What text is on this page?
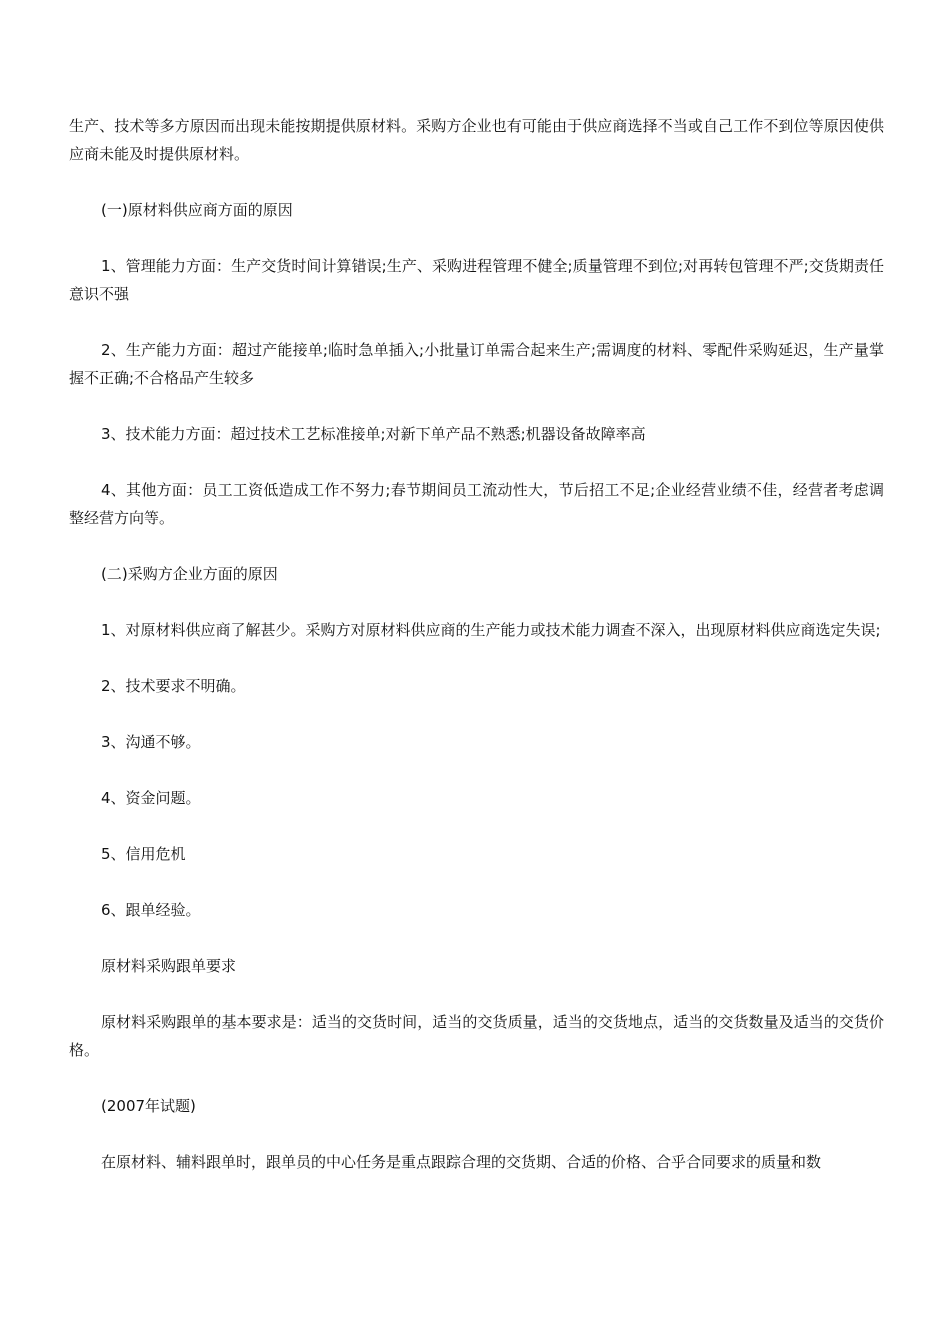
生产、技术等多方原因而出现未能按期提供原材料。采购方企业也有可能由于供应商选择不当或自己工作不到位等原因使供应商未能及时提供原材料。

(一)原材料供应商方面的原因

1、管理能力方面：生产交货时间计算错误;生产、采购进程管理不健全;质量管理不到位;对再转包管理不严;交货期责任意识不强

2、生产能力方面：超过产能接单;临时急单插入;小批量订单需合起来生产;需调度的材料、零配件采购延迟，生产量掌握不正确;不合格品产生较多

3、技术能力方面：超过技术工艺标准接单;对新下单产品不熟悉;机器设备故障率高

4、其他方面：员工工资低造成工作不努力;春节期间员工流动性大，节后招工不足;企业经营业绩不佳，经营者考虑调整经营方向等。

(二)采购方企业方面的原因

1、对原材料供应商了解甚少。采购方对原材料供应商的生产能力或技术能力调查不深入，出现原材料供应商选定失误;

2、技术要求不明确。

3、沟通不够。

4、资金问题。

5、信用危机

6、跟单经验。

原材料采购跟单要求

原材料采购跟单的基本要求是：适当的交货时间，适当的交货质量，适当的交货地点，适当的交货数量及适当的交货价格。

(2007年试题)

在原材料、辅料跟单时，跟单员的中心任务是重点跟踪合理的交货期、合适的价格、合乎合同要求的质量和数
